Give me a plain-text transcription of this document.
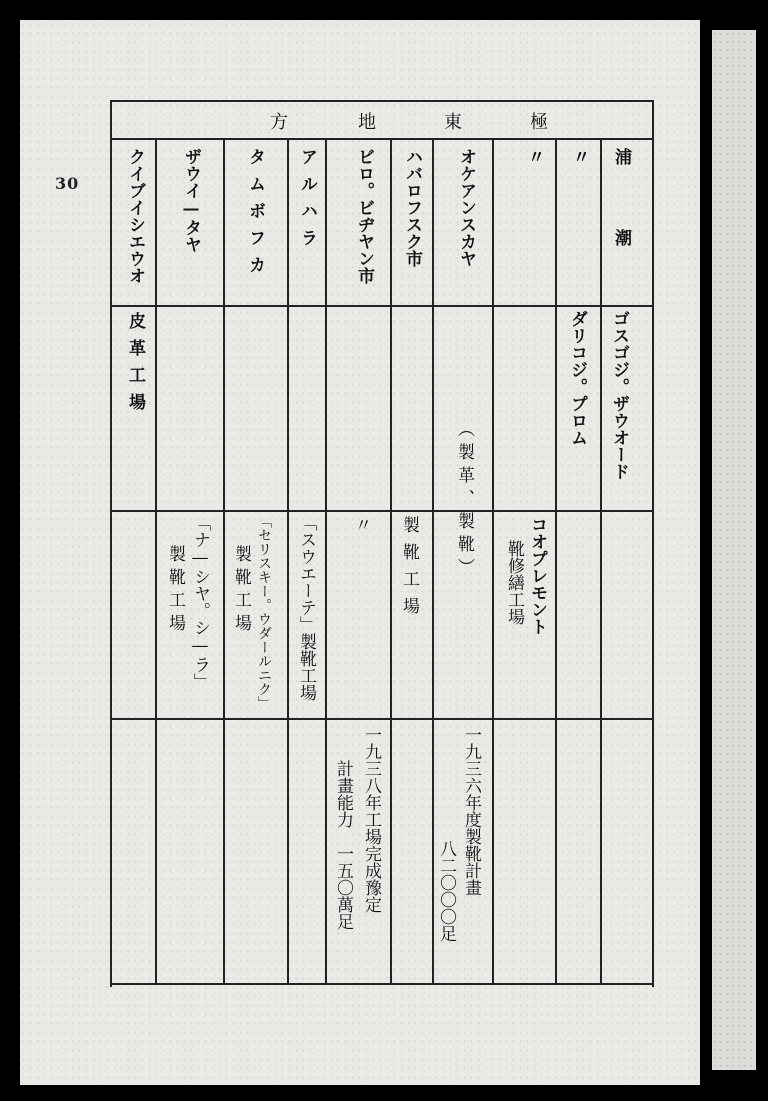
30
極
東
地
方
浦　　潮
ゴスゴジ。ザウオード
〃
ダリコジ。プロム
〃
コオプレモント
靴修繕工場
オケアンスカヤ
（製革、製靴）
一九三六年度製靴計畫
八二〇〇〇足
ハバロフスク市
製靴工場
ビロ。ビヂヤン市
〃
一九三八年工場完成豫定
計畫能力　一五〇萬足
アルハラ
「スウエーテ」製靴工場
タムボフカ
「セリスキー。ウダールニク」
製靴工場
ザウイ—タヤ
「ナ—シヤ。シ—ラ」
製靴工場
クイブイシエウオ
皮革工場
